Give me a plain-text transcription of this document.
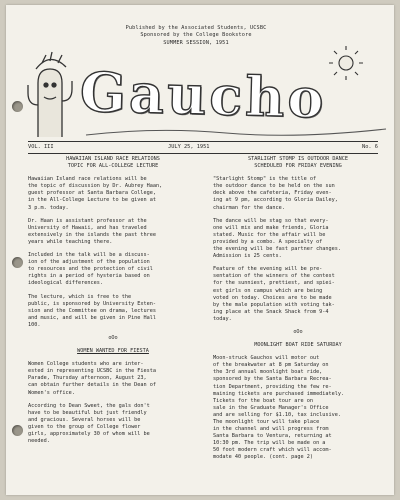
Published by the Associated Students, UCSBC
Sponsored by the College Bookstore
SUMMER SESSION, 1951
Gaucho
VOL. III	JULY 25, 1951	No. 6
HAWAIIAN ISLAND RACE RELATIONS
TOPIC FOR ALL-COLLEGE LECTURE
Hawaiian Island race relations will be
the topic of discussion by Dr. Aubrey Haan,
guest professor at Santa Barbara College,
in the All-College Lecture to be given at
3 p.m. today.
Dr. Haan is assistant professor at the
University of Hawaii, and has traveled
extensively in the islands the past three
years while teaching there.
Included in the talk will be a discuss-
ion of the adjustment of the population
to resources and the protection of civil
rights in a period of hysteria based on
ideological differences.
The lecture, which is free to the
public, is sponsored by University Exten-
sion and the Committee on drama, lectures
and music, and will be given in Pine Hall
100.
oOo
WOMEN WANTED FOR FIESTA
Women College students who are inter-
ested in representing UCSBC in the Fiesta
Parade, Thursday afternoon, August 23,
can obtain further details in the Dean of
Women's office.
According to Dean Sweet, the gals don't
have to be beautiful but just friendly
and gracious. Several horses will be
given to the group of College flower
girls, approximately 30 of whom will be
needed.
STARLIGHT STOMP IS OUTDOOR DANCE
SCHEDULED FOR FRIDAY EVENING
"Starlight Stomp" is the title of
the outdoor dance to be held on the sun
deck above the cafeteria, Friday even-
ing at 9 pm, according to Gloria Dailey,
chairman for the dance.
The dance will be stag so that every-
one will mix and make friends, Gloria
stated. Music for the affair will be
provided by a combo. A specialty of
the evening will be fast partner changes.
Admission is 25 cents.
Feature of the evening will be pre-
sentation of the winners of the contest
for the sunniest, prettiest, and spiei-
est girls on campus which are being
voted on today. Choices are to be made
by the male population with voting tak-
ing place at the Snack Shack from 9-4
today.
oOo
MOONLIGHT BOAT RIDE SATURDAY
Moon-struck Gauchos will motor out
of the breakwater at 8 pm Saturday on
the 3rd annual moonlight boat ride,
sponsored by the Santa Barbara Recrea-
tion Department, providing the few re-
maining tickets are purchased immediately.
Tickets for the boat tour are on
sale in the Graduate Manager's Office
and are selling for $1.10, tax inclusive.
The moonlight tour will take place
in the channel and will progress from
Santa Barbara to Ventura, returning at
10:30 pm. The trip will be made on a
50 foot modern craft which will accom-
modate 40 people. (cont. page 2)
